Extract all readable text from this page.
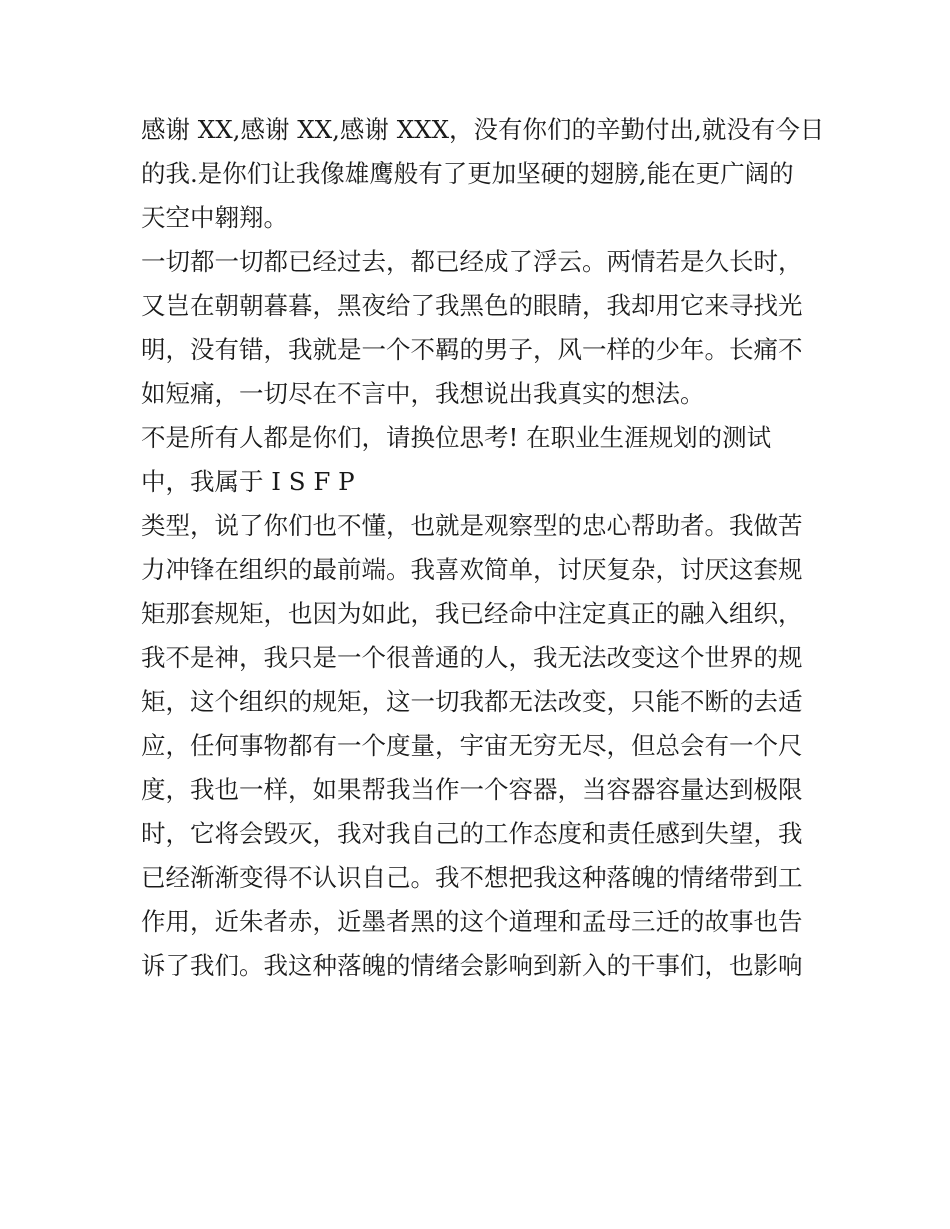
感谢 XX,感谢 XX,感谢 XXX，没有你们的辛勤付出,就没有今日
的我.是你们让我像雄鹰般有了更加坚硬的翅膀,能在更广阔的
天空中翱翔。
一切都一切都已经过去，都已经成了浮云。两情若是久长时，
又岂在朝朝暮暮，黑夜给了我黑色的眼睛，我却用它来寻找光
明，没有错，我就是一个不羁的男子，风一样的少年。长痛不
如短痛，一切尽在不言中，我想说出我真实的想法。
不是所有人都是你们，请换位思考! 在职业生涯规划的测试
中，我属于 I S F P
类型，说了你们也不懂，也就是观察型的忠心帮助者。我做苦
力冲锋在组织的最前端。我喜欢简单，讨厌复杂，讨厌这套规
矩那套规矩，也因为如此，我已经命中注定真正的融入组织，
我不是神，我只是一个很普通的人，我无法改变这个世界的规
矩，这个组织的规矩，这一切我都无法改变，只能不断的去适
应，任何事物都有一个度量，宇宙无穷无尽，但总会有一个尺
度，我也一样，如果帮我当作一个容器，当容器容量达到极限
时，它将会毁灭，我对我自己的工作态度和责任感到失望，我
已经渐渐变得不认识自己。我不想把我这种落魄的情绪带到工
作用，近朱者赤，近墨者黑的这个道理和孟母三迁的故事也告
诉了我们。我这种落魄的情绪会影响到新入的干事们，也影响
